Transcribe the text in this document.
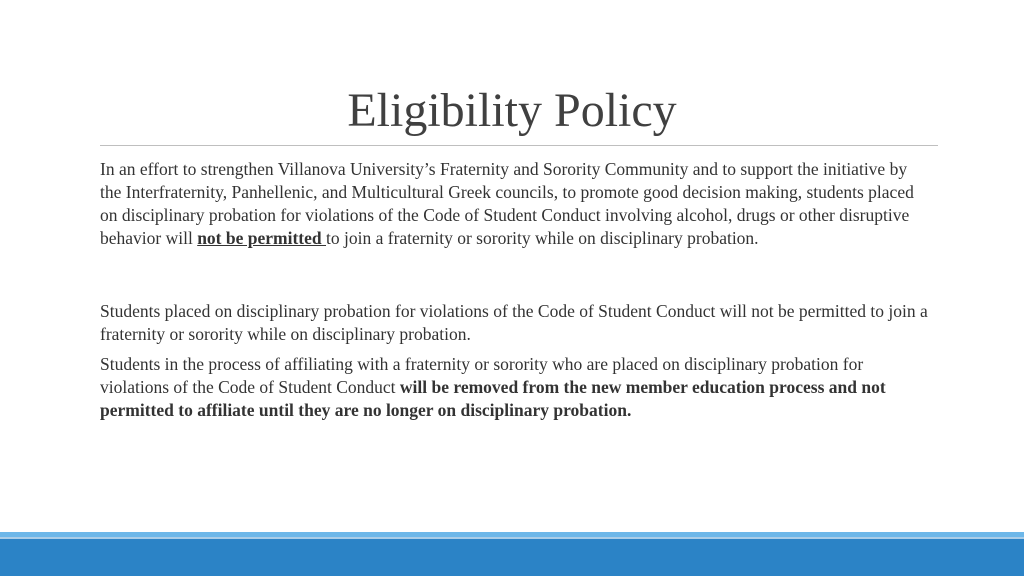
Eligibility Policy

In an effort to strengthen Villanova University’s Fraternity and Sorority Community and to support the initiative by the Interfraternity, Panhellenic, and Multicultural Greek councils, to promote good decision making, students placed on disciplinary probation for violations of the Code of Student Conduct involving alcohol, drugs or other disruptive behavior will not be permitted to join a fraternity or sorority while on disciplinary probation.

Students placed on disciplinary probation for violations of the Code of Student Conduct will not be permitted to join a fraternity or sorority while on disciplinary probation.

Students in the process of affiliating with a fraternity or sorority who are placed on disciplinary probation for violations of the Code of Student Conduct will be removed from the new member education process and not permitted to affiliate until they are no longer on disciplinary probation.
